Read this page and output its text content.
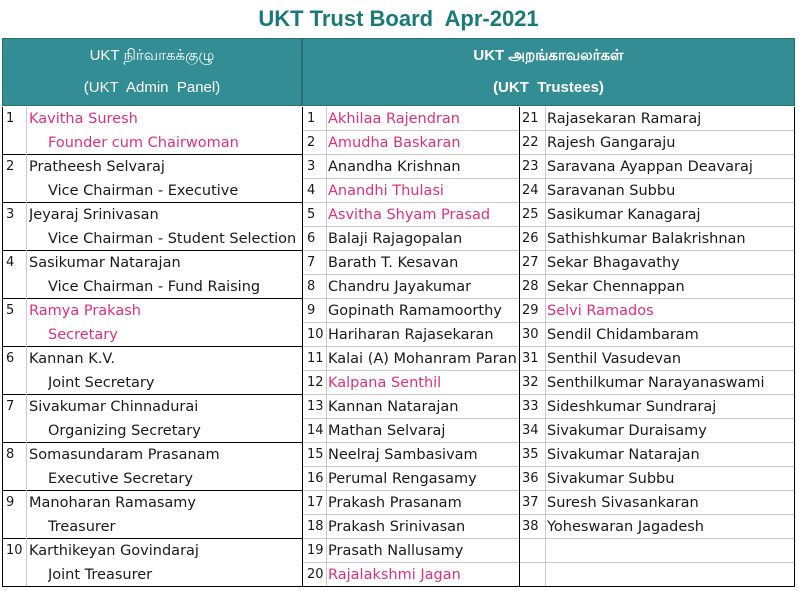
UKT Trust Board  Apr-2021
UKT நிர்வாகக்குழு
(UKT  Admin  Panel)
UKT அறங்காவலர்கள்
(UKT  Trustees)
1	Kavitha Suresh
Founder cum Chairwoman
2	Pratheesh Selvaraj
Vice Chairman - Executive
3	Jeyaraj Srinivasan
Vice Chairman - Student Selection
4	Sasikumar Natarajan
Vice Chairman - Fund Raising
5	Ramya Prakash
Secretary
6	Kannan K.V.
Joint Secretary
7	Sivakumar Chinnadurai
Organizing Secretary
8	Somasundaram Prasanam
Executive Secretary
9	Manoharan Ramasamy
Treasurer
10 Karthikeyan Govindaraj
Joint Treasurer
1 Akhilaa Rajendran
2 Amudha Baskaran
3 Anandha Krishnan
4 Anandhi Thulasi
5 Asvitha Shyam Prasad
6 Balaji Rajagopalan
7 Barath T. Kesavan
8 Chandru Jayakumar
9 Gopinath Ramamoorthy
10 Hariharan Rajasekaran
11 Kalai (A) Mohanram Paran
12 Kalpana Senthil
13 Kannan Natarajan
14 Mathan Selvaraj
15 Neelraj Sambasivam
16 Perumal Rengasamy
17 Prakash Prasanam
18 Prakash Srinivasan
19 Prasath Nallusamy
20 Rajalakshmi Jagan
21 Rajasekaran Ramaraj
22 Rajesh Gangaraju
23 Saravana Ayappan Deavaraj
24 Saravanan Subbu
25 Sasikumar Kanagaraj
26 Sathishkumar Balakrishnan
27 Sekar Bhagavathy
28 Sekar Chennappan
29 Selvi Ramados
30 Sendil Chidambaram
31 Senthil Vasudevan
32 Senthilkumar Narayanaswami
33 Sideshkumar Sundraraj
34 Sivakumar Duraisamy
35 Sivakumar Natarajan
36 Sivakumar Subbu
37 Suresh Sivasankaran
38 Yoheswaran Jagadesh
